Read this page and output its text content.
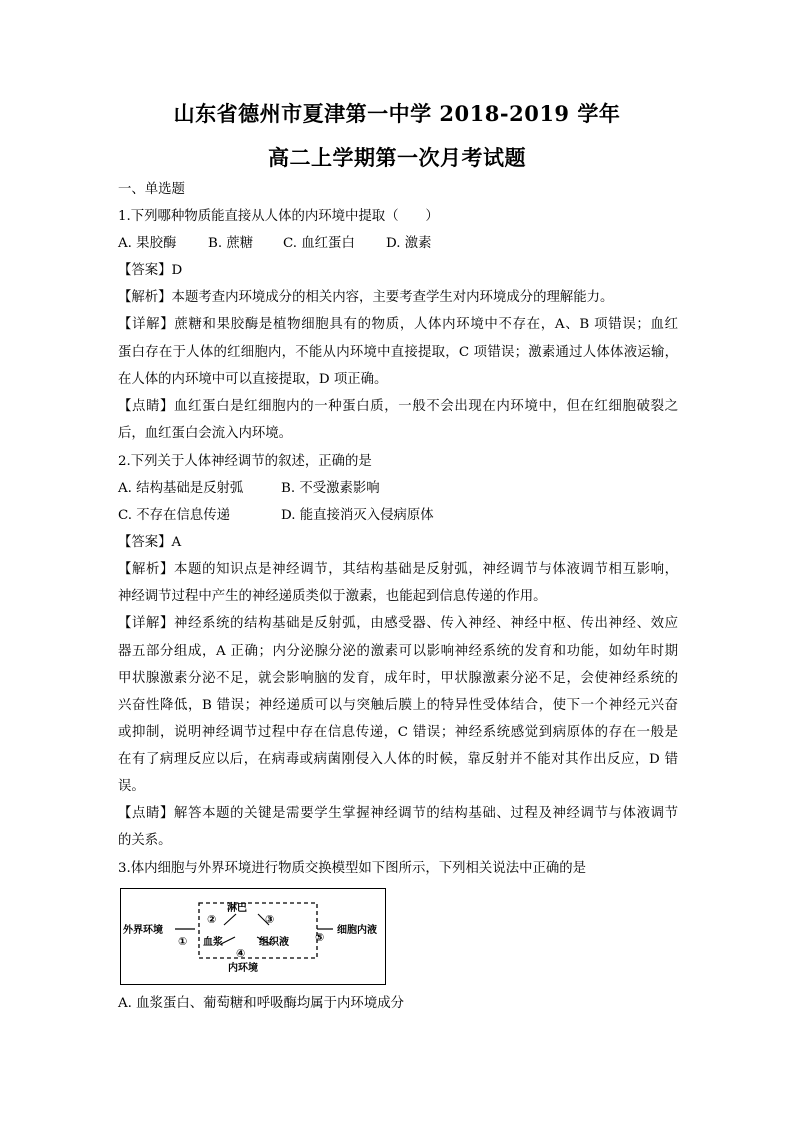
山东省德州市夏津第一中学 2018-2019 学年
高二上学期第一次月考试题
一、单选题
1.下列哪种物质能直接从人体的内环境中提取（　　）
A. 果胶酶 B. 蔗糖 C. 血红蛋白 D. 激素
【答案】D
【解析】本题考查内环境成分的相关内容，主要考查学生对内环境成分的理解能力。
【详解】蔗糖和果胶酶是植物细胞具有的物质，人体内环境中不存在，A、B 项错误；血红
蛋白存在于人体的红细胞内，不能从内环境中直接提取，C 项错误；激素通过人体体液运输，
在人体的内环境中可以直接提取，D 项正确。
【点睛】血红蛋白是红细胞内的一种蛋白质，一般不会出现在内环境中，但在红细胞破裂之
后，血红蛋白会流入内环境。
2.下列关于人体神经调节的叙述，正确的是
A. 结构基础是反射弧	B. 不受激素影响
C. 不存在信息传递	D. 能直接消灭入侵病原体
【答案】A
【解析】本题的知识点是神经调节，其结构基础是反射弧，神经调节与体液调节相互影响，
神经调节过程中产生的神经递质类似于激素，也能起到信息传递的作用。
【详解】神经系统的结构基础是反射弧，由感受器、传入神经、神经中枢、传出神经、效应
器五部分组成，A 正确；内分泌腺分泌的激素可以影响神经系统的发育和功能，如幼年时期
甲状腺激素分泌不足，就会影响脑的发育，成年时，甲状腺激素分泌不足，会使神经系统的
兴奋性降低，B 错误；神经递质可以与突触后膜上的特异性受体结合，使下一个神经元兴奋
或抑制，说明神经调节过程中存在信息传递，C 错误；神经系统感觉到病原体的存在一般是
在有了病理反应以后，在病毒或病菌刚侵入人体的时候，靠反射并不能对其作出反应，D 错
误。
【点睛】解答本题的关键是需要学生掌握神经调节的结构基础、过程及神经调节与体液调节
的关系。
3.体内细胞与外界环境进行物质交换模型如下图所示，下列相关说法中正确的是
外界环境
淋巴
血浆	组织液
细胞内液
内环境
①
②	③
④
⑤
A. 血浆蛋白、葡萄糖和呼吸酶均属于内环境成分
